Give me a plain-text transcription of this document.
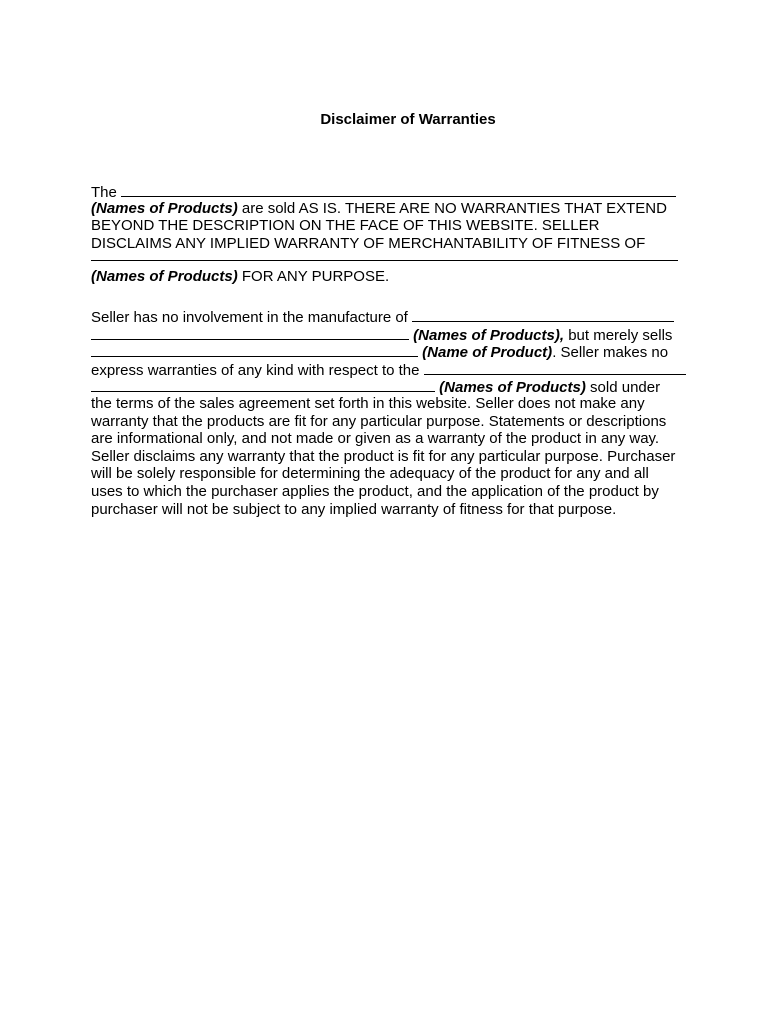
Disclaimer of Warranties
The
(Names of Products) are sold AS IS. THERE ARE NO WARRANTIES THAT EXTEND
BEYOND THE DESCRIPTION ON THE FACE OF THIS WEBSITE. SELLER
DISCLAIMS ANY IMPLIED WARRANTY OF MERCHANTABILITY OF FITNESS OF
(Names of Products) FOR ANY PURPOSE.
Seller has no involvement in the manufacture of
(Names of Products), but merely sells
(Name of Product). Seller makes no
express warranties of any kind with respect to the
(Names of Products) sold under
the terms of the sales agreement set forth in this website. Seller does not make any
warranty that the products are fit for any particular purpose. Statements or descriptions
are informational only, and not made or given as a warranty of the product in any way.
Seller disclaims any warranty that the product is fit for any particular purpose. Purchaser
will be solely responsible for determining the adequacy of the product for any and all
uses to which the purchaser applies the product, and the application of the product by
purchaser will not be subject to any implied warranty of fitness for that purpose.
